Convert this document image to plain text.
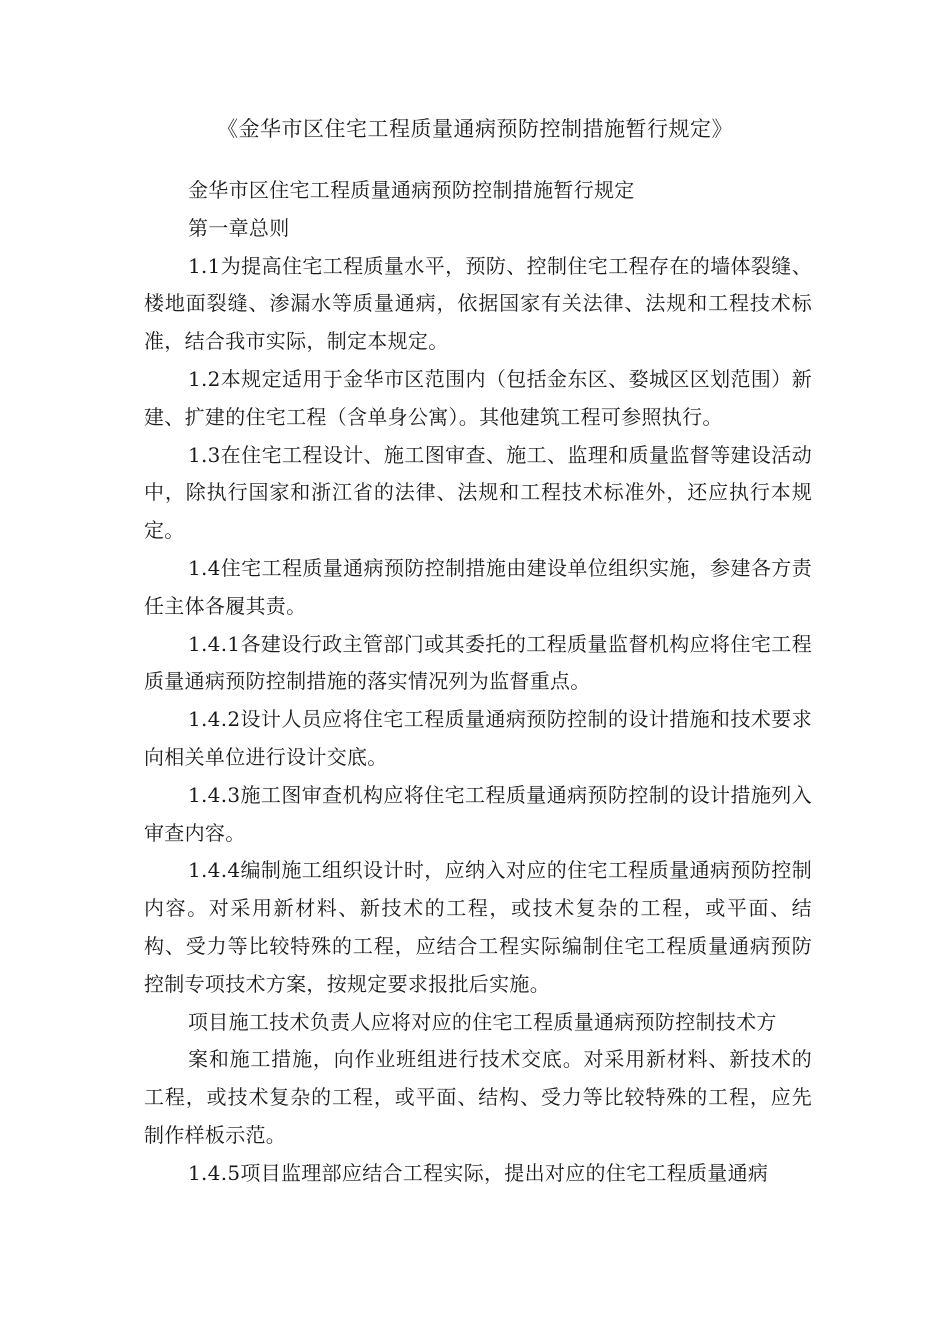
《金华市区住宅工程质量通病预防控制措施暂行规定》

金华市区住宅工程质量通病预防控制措施暂行规定

第一章总则

1.1为提高住宅工程质量水平，预防、控制住宅工程存在的墙体裂缝、楼地面裂缝、渗漏水等质量通病，依据国家有关法律、法规和工程技术标准，结合我市实际，制定本规定。

1.2本规定适用于金华市区范围内（包括金东区、婺城区区划范围）新建、扩建的住宅工程（含单身公寓）。其他建筑工程可参照执行。

1.3在住宅工程设计、施工图审查、施工、监理和质量监督等建设活动中，除执行国家和浙江省的法律、法规和工程技术标准外，还应执行本规定。

1.4住宅工程质量通病预防控制措施由建设单位组织实施，参建各方责任主体各履其责。

1.4.1各建设行政主管部门或其委托的工程质量监督机构应将住宅工程质量通病预防控制措施的落实情况列为监督重点。

1.4.2设计人员应将住宅工程质量通病预防控制的设计措施和技术要求向相关单位进行设计交底。

1.4.3施工图审查机构应将住宅工程质量通病预防控制的设计措施列入审查内容。

1.4.4编制施工组织设计时，应纳入对应的住宅工程质量通病预防控制内容。对采用新材料、新技术的工程，或技术复杂的工程，或平面、结构、受力等比较特殊的工程，应结合工程实际编制住宅工程质量通病预防控制专项技术方案，按规定要求报批后实施。

项目施工技术负责人应将对应的住宅工程质量通病预防控制技术方

案和施工措施，向作业班组进行技术交底。对采用新材料、新技术的工程，或技术复杂的工程，或平面、结构、受力等比较特殊的工程，应先制作样板示范。

1.4.5项目监理部应结合工程实际，提出对应的住宅工程质量通病
